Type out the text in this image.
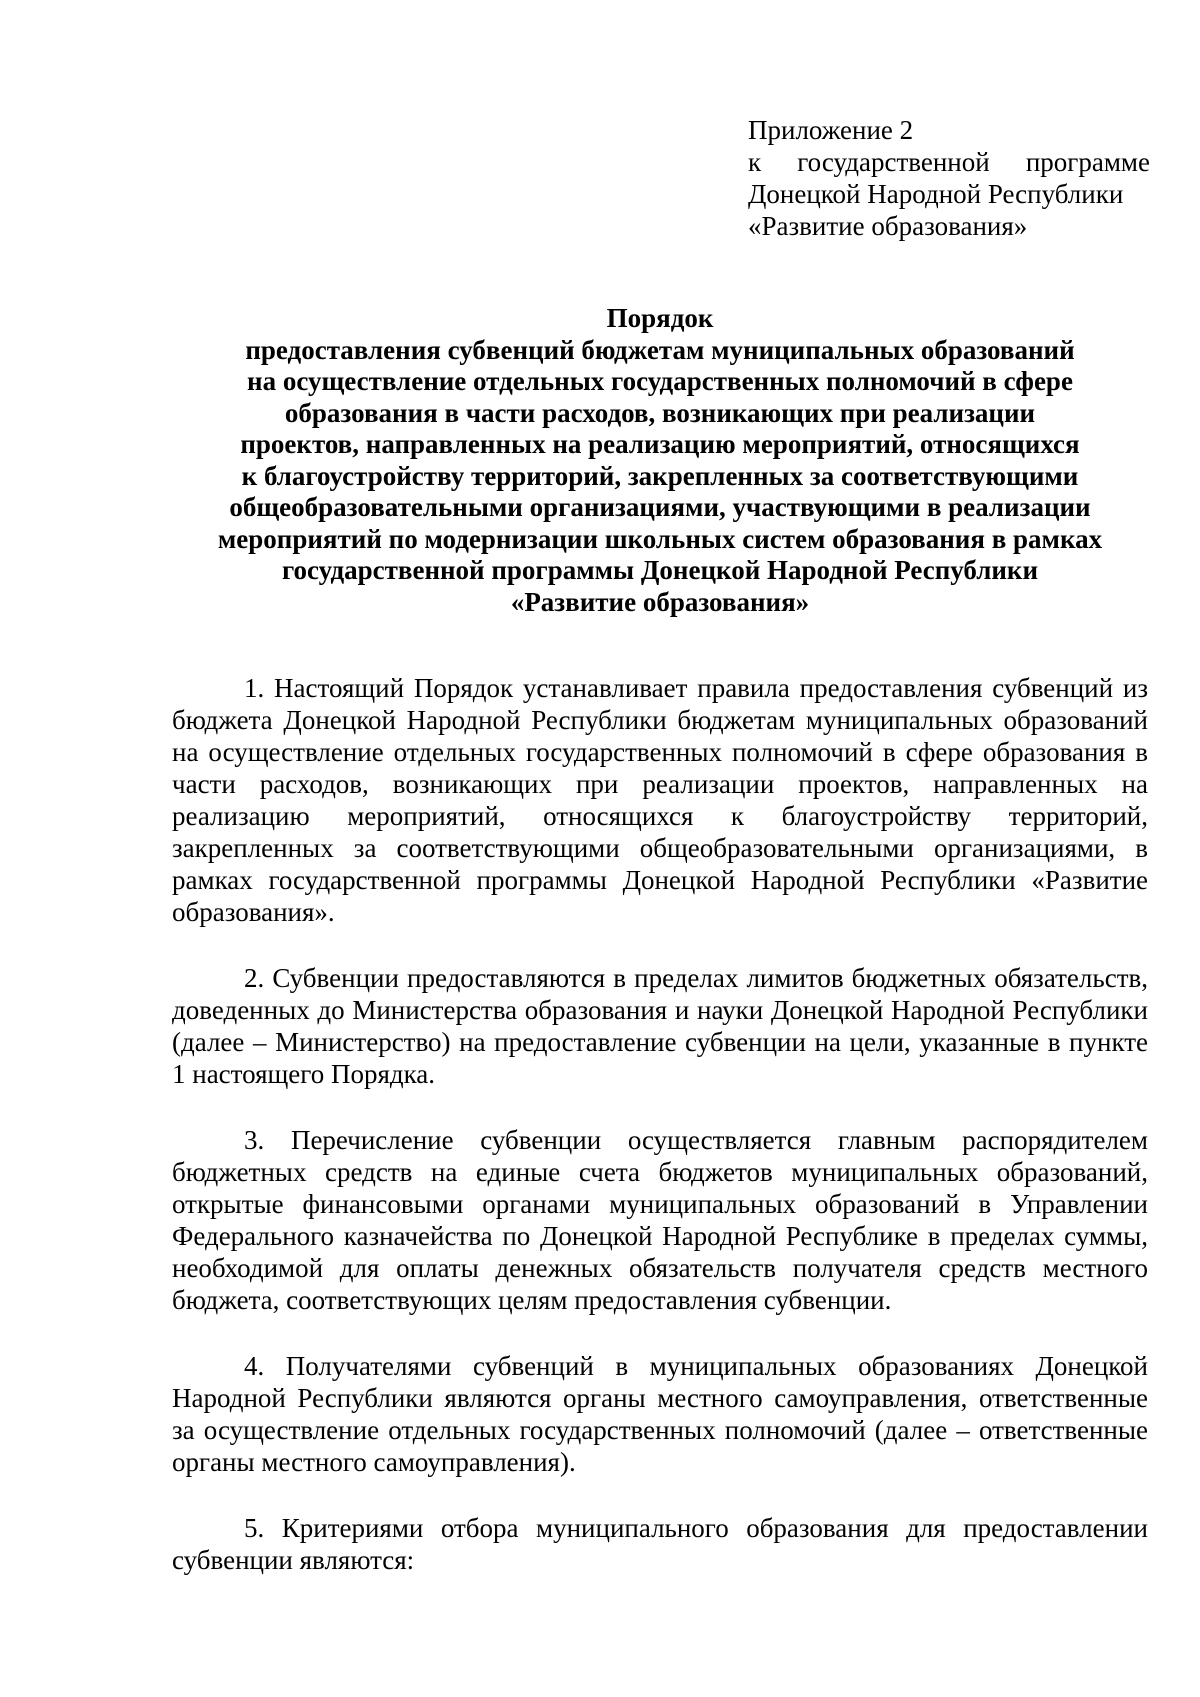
Приложение 2
к государственной программе
Донецкой Народной Республики
«Развитие образования»
Порядок
предоставления субвенций бюджетам муниципальных образований
на осуществление отдельных государственных полномочий в сфере
образования в части расходов, возникающих при реализации
проектов, направленных на реализацию мероприятий, относящихся
к благоустройству территорий, закрепленных за соответствующими
общеобразовательными организациями, участвующими в реализации
мероприятий по модернизации школьных систем образования в рамках
государственной программы Донецкой Народной Республики
«Развитие образования»

1. Настоящий Порядок устанавливает правила предоставления субвенций из бюджета Донецкой Народной Республики бюджетам муниципальных образований на осуществление отдельных государственных полномочий в сфере образования в части расходов, возникающих при реализации проектов, направленных на реализацию мероприятий, относящихся к благоустройству территорий, закрепленных за соответствующими общеобразовательными организациями, в рамках государственной программы Донецкой Народной Республики «Развитие образования».

2. Субвенции предоставляются в пределах лимитов бюджетных обязательств, доведенных до Министерства образования и науки Донецкой Народной Республики (далее – Министерство) на предоставление субвенции на цели, указанные в пункте 1 настоящего Порядка.

3. Перечисление субвенции осуществляется главным распорядителем бюджетных средств на единые счета бюджетов муниципальных образований, открытые финансовыми органами муниципальных образований в Управлении Федерального казначейства по Донецкой Народной Республике в пределах суммы, необходимой для оплаты денежных обязательств получателя средств местного бюджета, соответствующих целям предоставления субвенции.

4. Получателями субвенций в муниципальных образованиях Донецкой Народной Республики являются органы местного самоуправления, ответственные за осуществление отдельных государственных полномочий (далее – ответственные органы местного самоуправления).

5. Критериями отбора муниципального образования для предоставлении субвенции являются:
